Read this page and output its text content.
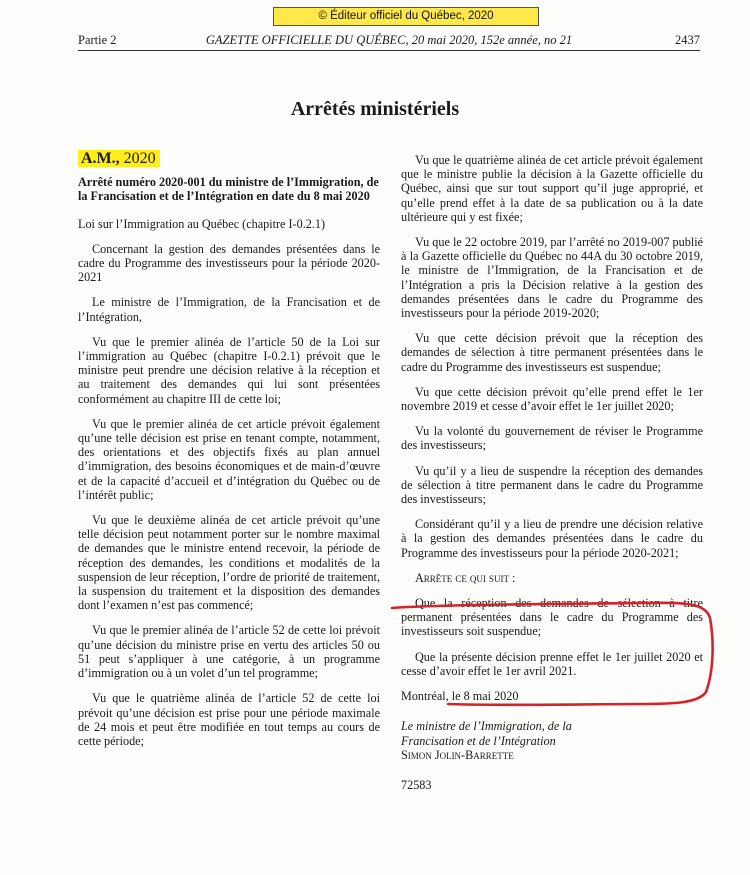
© Éditeur officiel du Québec, 2020
Partie 2	GAZETTE OFFICIELLE DU QUÉBEC, 20 mai 2020, 152e année, no 21	2437
Arrêtés ministériels
A.M., 2020
Arrêté numéro 2020-001 du ministre de l’Immigration, de la Francisation et de l’Intégration en date du 8 mai 2020
Loi sur l’Immigration au Québec (chapitre I-0.2.1)

Concernant la gestion des demandes présentées dans le cadre du Programme des investisseurs pour la période 2020-2021

Le ministre de l’Immigration, de la Francisation et de l’Intégration,

Vu que le premier alinéa de l’article 50 de la Loi sur l’immigration au Québec (chapitre I-0.2.1) prévoit que le ministre peut prendre une décision relative à la réception et au traitement des demandes qui lui sont présentées conformément au chapitre III de cette loi;

Vu que le premier alinéa de cet article prévoit également qu’une telle décision est prise en tenant compte, notamment, des orientations et des objectifs fixés au plan annuel d’immigration, des besoins économiques et de main-d’œuvre et de la capacité d’accueil et d’intégration du Québec ou de l’intérêt public;

Vu que le deuxième alinéa de cet article prévoit qu’une telle décision peut notamment porter sur le nombre maximal de demandes que le ministre entend recevoir, la période de réception des demandes, les conditions et modalités de la suspension de leur réception, l’ordre de priorité de traitement, la suspension du traitement et la disposition des demandes dont l’examen n’est pas commencé;

Vu que le premier alinéa de l’article 52 de cette loi prévoit qu’une décision du ministre prise en vertu des articles 50 ou 51 peut s’appliquer à une catégorie, à un programme d’immigration ou à un volet d’un tel programme;

Vu que le quatrième alinéa de l’article 52 de cette loi prévoit qu’une décision est prise pour une période maximale de 24 mois et peut être modifiée en tout temps au cours de cette période;

Vu que le quatrième alinéa de cet article prévoit également que le ministre publie la décision à la Gazette officielle du Québec, ainsi que sur tout support qu’il juge approprié, et qu’elle prend effet à la date de sa publication ou à la date ultérieure qui y est fixée;

Vu que le 22 octobre 2019, par l’arrêté no 2019-007 publié à la Gazette officielle du Québec no 44A du 30 octobre 2019, le ministre de l’Immigration, de la Francisation et de l’Intégration a pris la Décision relative à la gestion des demandes présentées dans le cadre du Programme des investisseurs pour la période 2019-2020;

Vu que cette décision prévoit que la réception des demandes de sélection à titre permanent présentées dans le cadre du Programme des investisseurs est suspendue;

Vu que cette décision prévoit qu’elle prend effet le 1er novembre 2019 et cesse d’avoir effet le 1er juillet 2020;

Vu la volonté du gouvernement de réviser le Programme des investisseurs;

Vu qu’il y a lieu de suspendre la réception des demandes de sélection à titre permanent dans le cadre du Programme des investisseurs;

Considérant qu’il y a lieu de prendre une décision relative à la gestion des demandes présentées dans le cadre du Programme des investisseurs pour la période 2020-2021;

Arrête ce qui suit :

Que la réception des demandes de sélection à titre permanent présentées dans le cadre du Programme des investisseurs soit suspendue;

Que la présente décision prenne effet le 1er juillet 2020 et cesse d’avoir effet le 1er avril 2021.

Montréal, le 8 mai 2020

Le ministre de l’Immigration, de la
Francisation et de l’Intégration
Simon Jolin-Barrette
72583
